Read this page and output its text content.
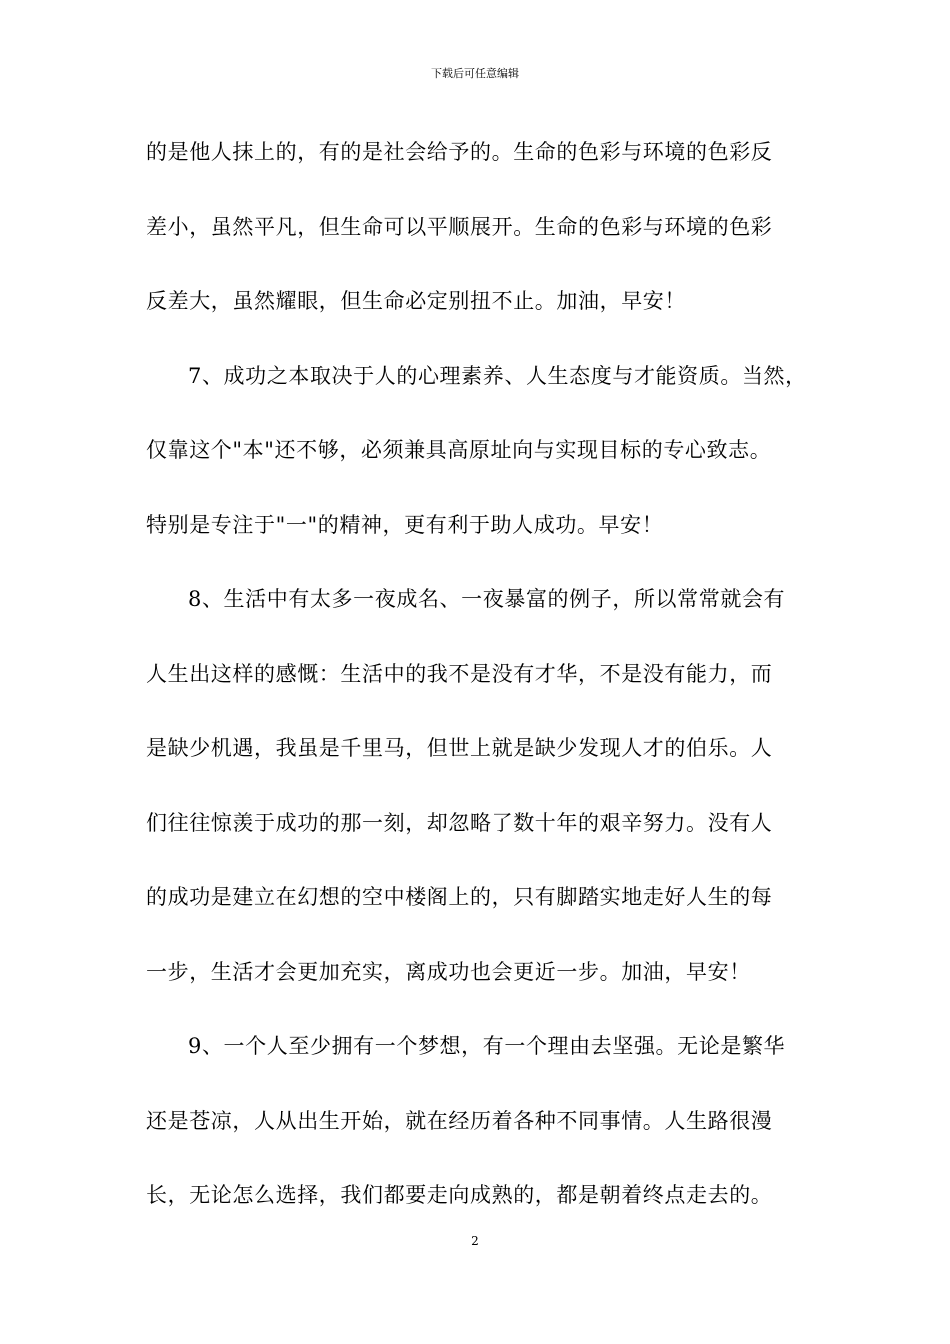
下载后可任意编辑
的是他人抹上的，有的是社会给予的。生命的色彩与环境的色彩反
差小，虽然平凡，但生命可以平顺展开。生命的色彩与环境的色彩
反差大，虽然耀眼，但生命必定别扭不止。加油，早安！
7、成功之本取决于人的心理素养、人生态度与才能资质。当然，
仅靠这个"本"还不够，必须兼具高原址向与实现目标的专心致志。
特别是专注于"一"的精神，更有利于助人成功。早安！
8、生活中有太多一夜成名、一夜暴富的例子，所以常常就会有
人生出这样的感慨：生活中的我不是没有才华，不是没有能力，而
是缺少机遇，我虽是千里马，但世上就是缺少发现人才的伯乐。人
们往往惊羡于成功的那一刻，却忽略了数十年的艰辛努力。没有人
的成功是建立在幻想的空中楼阁上的，只有脚踏实地走好人生的每
一步，生活才会更加充实，离成功也会更近一步。加油，早安！
9、一个人至少拥有一个梦想，有一个理由去坚强。无论是繁华
还是苍凉，人从出生开始，就在经历着各种不同事情。人生路很漫
长，无论怎么选择，我们都要走向成熟的，都是朝着终点走去的。
2
